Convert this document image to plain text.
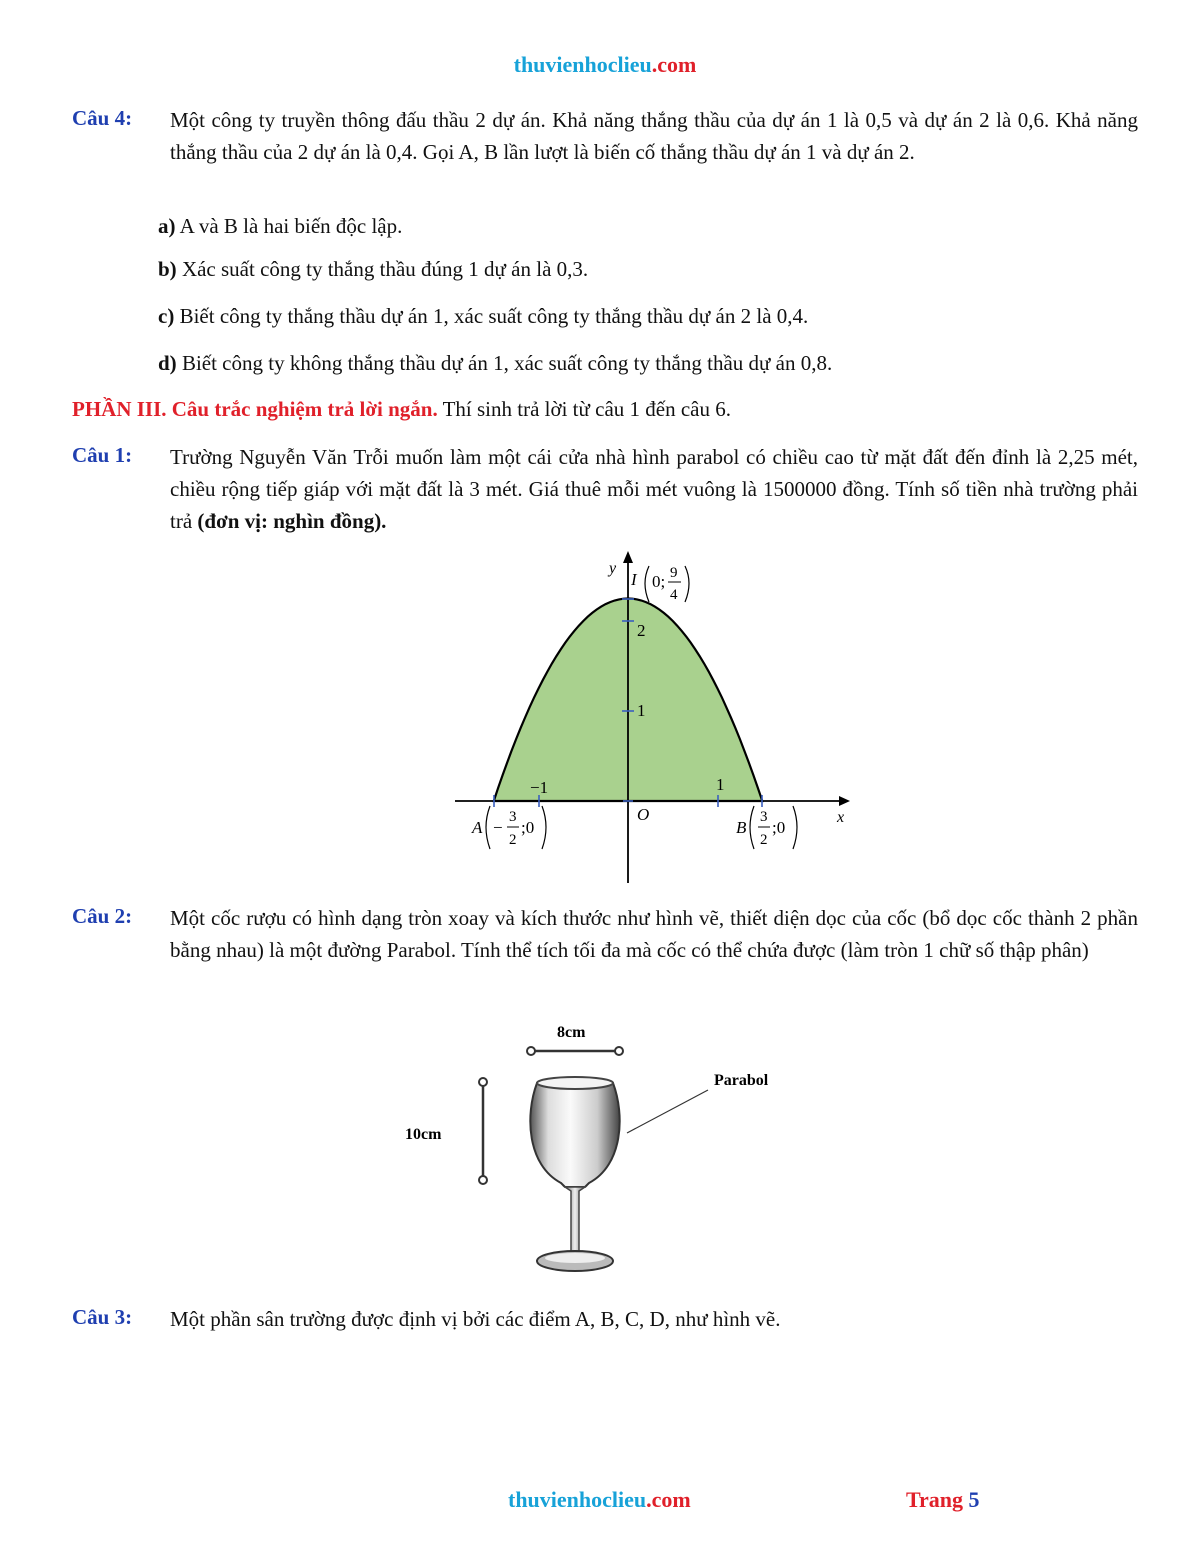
thuvienhoclieu.com
Câu 4: Một công ty truyền thông đấu thầu 2 dự án. Khả năng thắng thầu của dự án 1 là 0,5 và dự án 2 là 0,6. Khả năng thắng thầu của 2 dự án là 0,4. Gọi A, B lần lượt là biến cố thắng thầu dự án 1 và dự án 2.
a) A và B là hai biến độc lập.
b) Xác suất công ty thắng thầu đúng 1 dự án là 0,3.
c) Biết công ty thắng thầu dự án 1, xác suất công ty thắng thầu dự án 2 là 0,4.
d) Biết công ty không thắng thầu dự án 1, xác suất công ty thắng thầu dự án 0,8.
PHẦN III. Câu trắc nghiệm trả lời ngắn. Thí sinh trả lời từ câu 1 đến câu 6.
Câu 1: Trường Nguyễn Văn Trỗi muốn làm một cái cửa nhà hình parabol có chiều cao từ mặt đất đến đỉnh là 2,25 mét, chiều rộng tiếp giáp với mặt đất là 3 mét. Giá thuê mỗi mét vuông là 1500000 đồng. Tính số tiền nhà trường phải trả (đơn vị: nghìn đồng).
y
x
O
1
2
−1	1
I 0; 9
4
A −
3
2
;0	B
3
2
;0
Câu 2: Một cốc rượu có hình dạng tròn xoay và kích thước như hình vẽ, thiết diện dọc của cốc (bổ dọc cốc thành 2 phần bằng nhau) là một đường Parabol. Tính thể tích tối đa mà cốc có thể chứa được (làm tròn 1 chữ số thập phân)
8cm
10cm
Parabol
Câu 3: Một phần sân trường được định vị bởi các điểm A, B, C, D, như hình vẽ.
thuvienhoclieu.com	Trang 5
